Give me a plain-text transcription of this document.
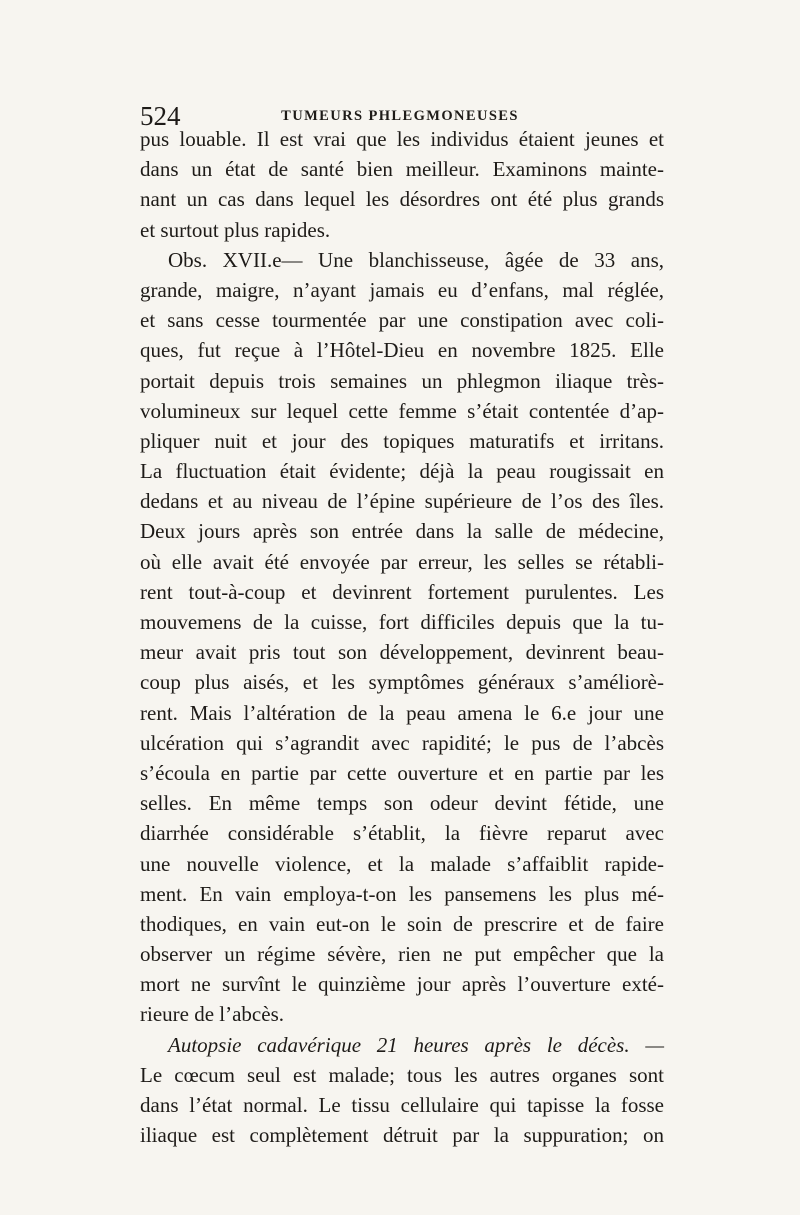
524	TUMEURS PHLEGMONEUSES
pus louable. Il est vrai que les individus étaient jeunes et
dans un état de santé bien meilleur. Examinons mainte-
nant un cas dans lequel les désordres ont été plus grands
et surtout plus rapides.
Obs. XVII.e— Une blanchisseuse, âgée de 33 ans,
grande, maigre, n’ayant jamais eu d’enfans, mal réglée,
et sans cesse tourmentée par une constipation avec coli-
ques, fut reçue à l’Hôtel-Dieu en novembre 1825. Elle
portait depuis trois semaines un phlegmon iliaque très-
volumineux sur lequel cette femme s’était contentée d’ap-
pliquer nuit et jour des topiques maturatifs et irritans.
La fluctuation était évidente; déjà la peau rougissait en
dedans et au niveau de l’épine supérieure de l’os des îles.
Deux jours après son entrée dans la salle de médecine,
où elle avait été envoyée par erreur, les selles se rétabli-
rent tout-à-coup et devinrent fortement purulentes. Les
mouvemens de la cuisse, fort difficiles depuis que la tu-
meur avait pris tout son développement, devinrent beau-
coup plus aisés, et les symptômes généraux s’améliorè-
rent. Mais l’altération de la peau amena le 6.e jour une
ulcération qui s’agrandit avec rapidité; le pus de l’abcès
s’écoula en partie par cette ouverture et en partie par les
selles. En même temps son odeur devint fétide, une
diarrhée considérable s’établit, la fièvre reparut avec
une nouvelle violence, et la malade s’affaiblit rapide-
ment. En vain employa-t-on les pansemens les plus mé-
thodiques, en vain eut-on le soin de prescrire et de faire
observer un régime sévère, rien ne put empêcher que la
mort ne survînt le quinzième jour après l’ouverture exté-
rieure de l’abcès.
Autopsie cadavérique 21 heures après le décès. —
Le cœcum seul est malade; tous les autres organes sont
dans l’état normal. Le tissu cellulaire qui tapisse la fosse
iliaque est complètement détruit par la suppuration; on
